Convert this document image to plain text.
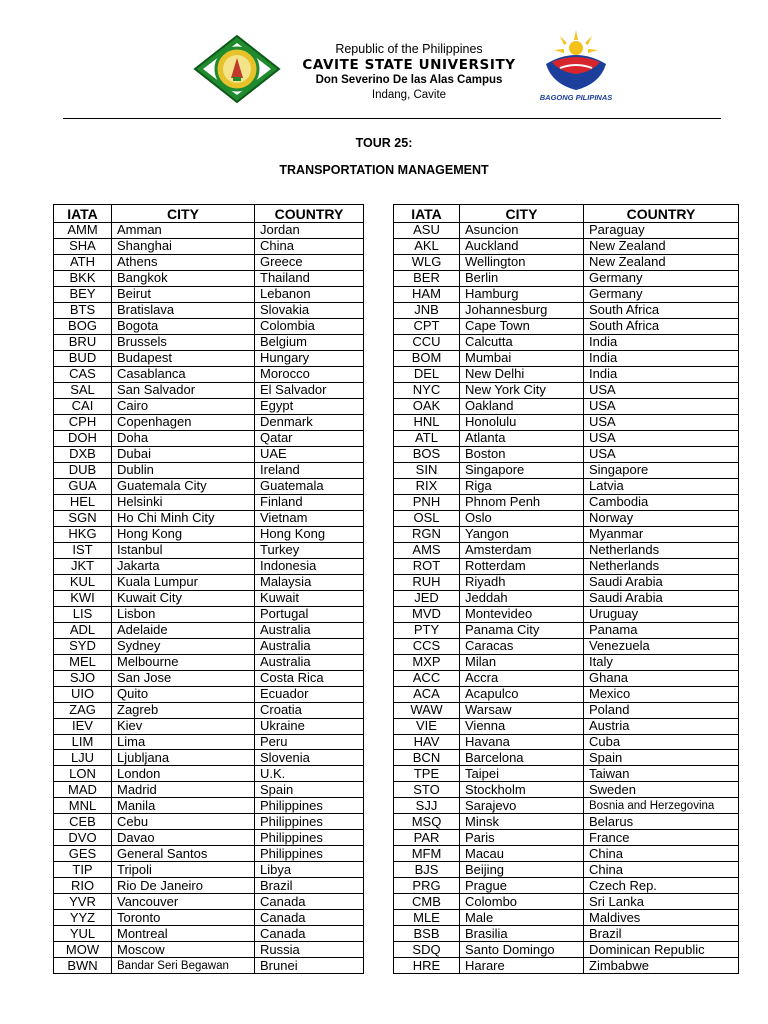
Republic of the Philippines
CAVITE STATE UNIVERSITY
Don Severino De las Alas Campus
Indang, Cavite	BAGONG PILIPINAS
TOUR 25:
TRANSPORTATION MANAGEMENT
IATA	CITY	COUNTRY
AMM	Amman	Jordan
SHA	Shanghai	China
ATH	Athens	Greece
BKK	Bangkok	Thailand
BEY	Beirut	Lebanon
BTS	Bratislava	Slovakia
BOG	Bogota	Colombia
BRU	Brussels	Belgium
BUD	Budapest	Hungary
CAS	Casablanca	Morocco
SAL	San Salvador	El Salvador
CAI	Cairo	Egypt
CPH	Copenhagen	Denmark
DOH	Doha	Qatar
DXB	Dubai	UAE
DUB	Dublin	Ireland
GUA	Guatemala City	Guatemala
HEL	Helsinki	Finland
SGN	Ho Chi Minh City	Vietnam
HKG	Hong Kong	Hong Kong
IST	Istanbul	Turkey
JKT	Jakarta	Indonesia
KUL	Kuala Lumpur	Malaysia
KWI	Kuwait City	Kuwait
LIS	Lisbon	Portugal
ADL	Adelaide	Australia
SYD	Sydney	Australia
MEL	Melbourne	Australia
SJO	San Jose	Costa Rica
UIO	Quito	Ecuador
ZAG	Zagreb	Croatia
IEV	Kiev	Ukraine
LIM	Lima	Peru
LJU	Ljubljana	Slovenia
LON	London	U.K.
MAD	Madrid	Spain
MNL	Manila	Philippines
CEB	Cebu	Philippines
DVO	Davao	Philippines
GES	General Santos	Philippines
TIP	Tripoli	Libya
RIO	Rio De Janeiro	Brazil
YVR	Vancouver	Canada
YYZ	Toronto	Canada
YUL	Montreal	Canada
MOW	Moscow	Russia
BWN	Bandar Seri Begawan	Brunei
IATA	CITY	COUNTRY
ASU	Asuncion	Paraguay
AKL	Auckland	New Zealand
WLG	Wellington	New Zealand
BER	Berlin	Germany
HAM	Hamburg	Germany
JNB	Johannesburg	South Africa
CPT	Cape Town	South Africa
CCU	Calcutta	India
BOM	Mumbai	India
DEL	New Delhi	India
NYC	New York City	USA
OAK	Oakland	USA
HNL	Honolulu	USA
ATL	Atlanta	USA
BOS	Boston	USA
SIN	Singapore	Singapore
RIX	Riga	Latvia
PNH	Phnom Penh	Cambodia
OSL	Oslo	Norway
RGN	Yangon	Myanmar
AMS	Amsterdam	Netherlands
ROT	Rotterdam	Netherlands
RUH	Riyadh	Saudi Arabia
JED	Jeddah	Saudi Arabia
MVD	Montevideo	Uruguay
PTY	Panama City	Panama
CCS	Caracas	Venezuela
MXP	Milan	Italy
ACC	Accra	Ghana
ACA	Acapulco	Mexico
WAW	Warsaw	Poland
VIE	Vienna	Austria
HAV	Havana	Cuba
BCN	Barcelona	Spain
TPE	Taipei	Taiwan
STO	Stockholm	Sweden
SJJ	Sarajevo	Bosnia and Herzegovina
MSQ	Minsk	Belarus
PAR	Paris	France
MFM	Macau	China
BJS	Beijing	China
PRG	Prague	Czech Rep.
CMB	Colombo	Sri Lanka
MLE	Male	Maldives
BSB	Brasilia	Brazil
SDQ	Santo Domingo	Dominican Republic
HRE	Harare	Zimbabwe
